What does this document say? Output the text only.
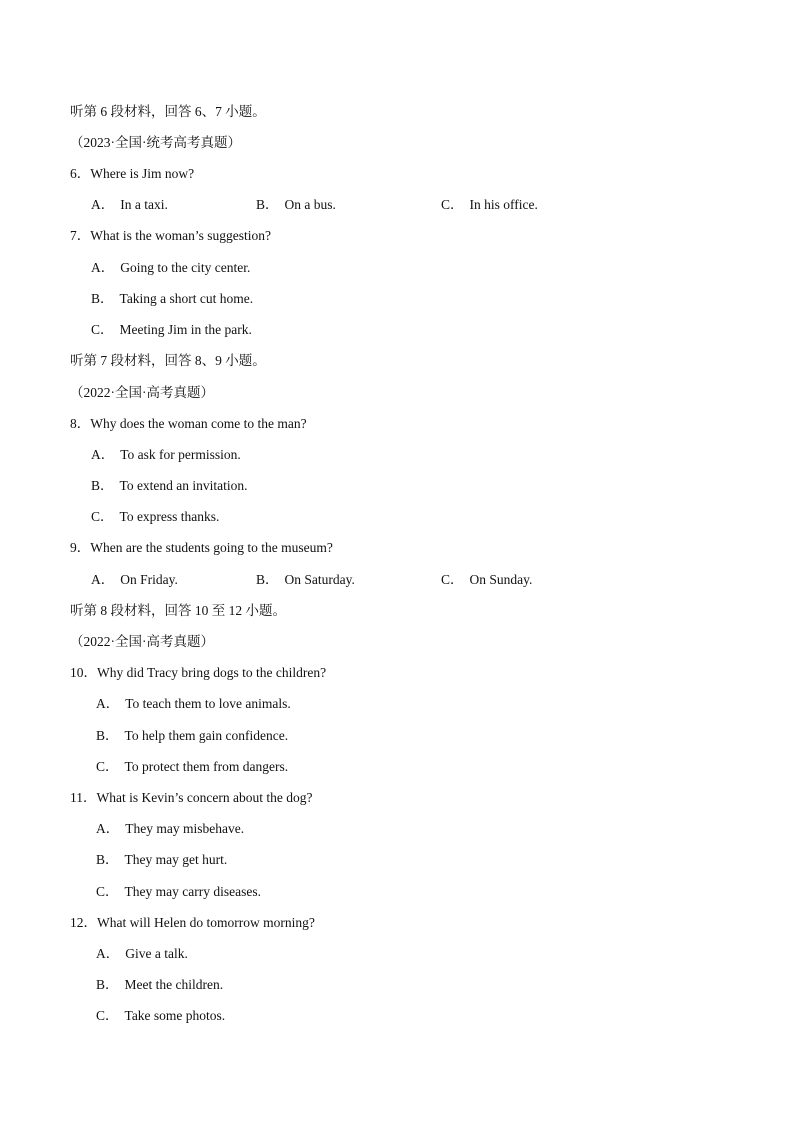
听第 6 段材料，回答 6、7 小题。
（2023·全国·统考高考真题）
6．Where is Jim now?
A． In a taxi.	B． On a bus.	C． In his office.
7．What is the woman’s suggestion?
A． Going to the city center.
B． Taking a short cut home.
C． Meeting Jim in the park.
听第 7 段材料，回答 8、9 小题。
（2022·全国·高考真题）
8．Why does the woman come to the man?
A． To ask for permission.
B． To extend an invitation.
C． To express thanks.
9．When are the students going to the museum?
A． On Friday.	B． On Saturday.	C． On Sunday.
听第 8 段材料，回答 10 至 12 小题。
（2022·全国·高考真题）
10．Why did Tracy bring dogs to the children?
A． To teach them to love animals.
B． To help them gain confidence.
C． To protect them from dangers.
11．What is Kevin’s concern about the dog?
A． They may misbehave.
B． They may get hurt.
C． They may carry diseases.
12．What will Helen do tomorrow morning?
A． Give a talk.
B． Meet the children.
C． Take some photos.
